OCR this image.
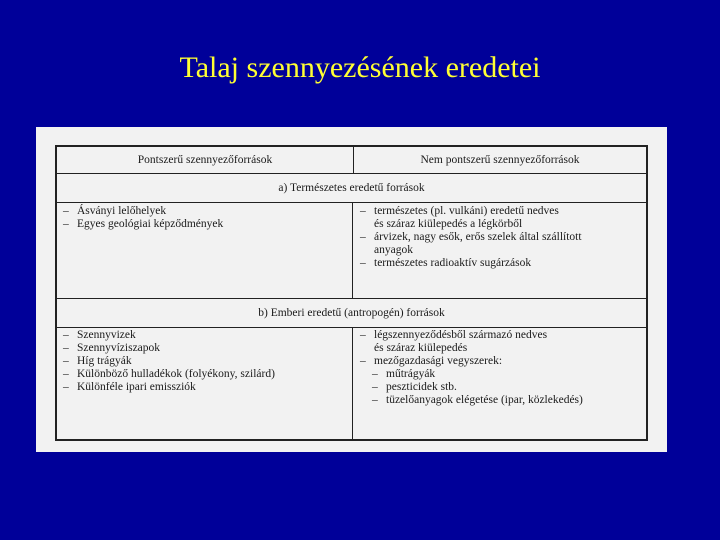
Talaj szennyezésének eredetei
Pontszerű szennyezőforrások	Nem pontszerű szennyezőforrások
a) Természetes eredetű források
– Ásványi lelőhelyek
– Egyes geológiai képződmények
– természetes (pl. vulkáni) eredetű nedves
és száraz kiülepedés a légkörből
– árvizek, nagy esők, erős szelek által szállított
anyagok
– természetes radioaktív sugárzások
b) Emberi eredetű (antropogén) források
– Szennyvizek
– Szennyvíziszapok
– Híg trágyák
– Különböző hulladékok (folyékony, szilárd)
– Különféle ipari emissziók
– légszennyeződésből származó nedves
és száraz kiülepedés
– mezőgazdasági vegyszerek:
– műtrágyák
– peszticidek stb.
– tüzelőanyagok elégetése (ipar, közlekedés)
